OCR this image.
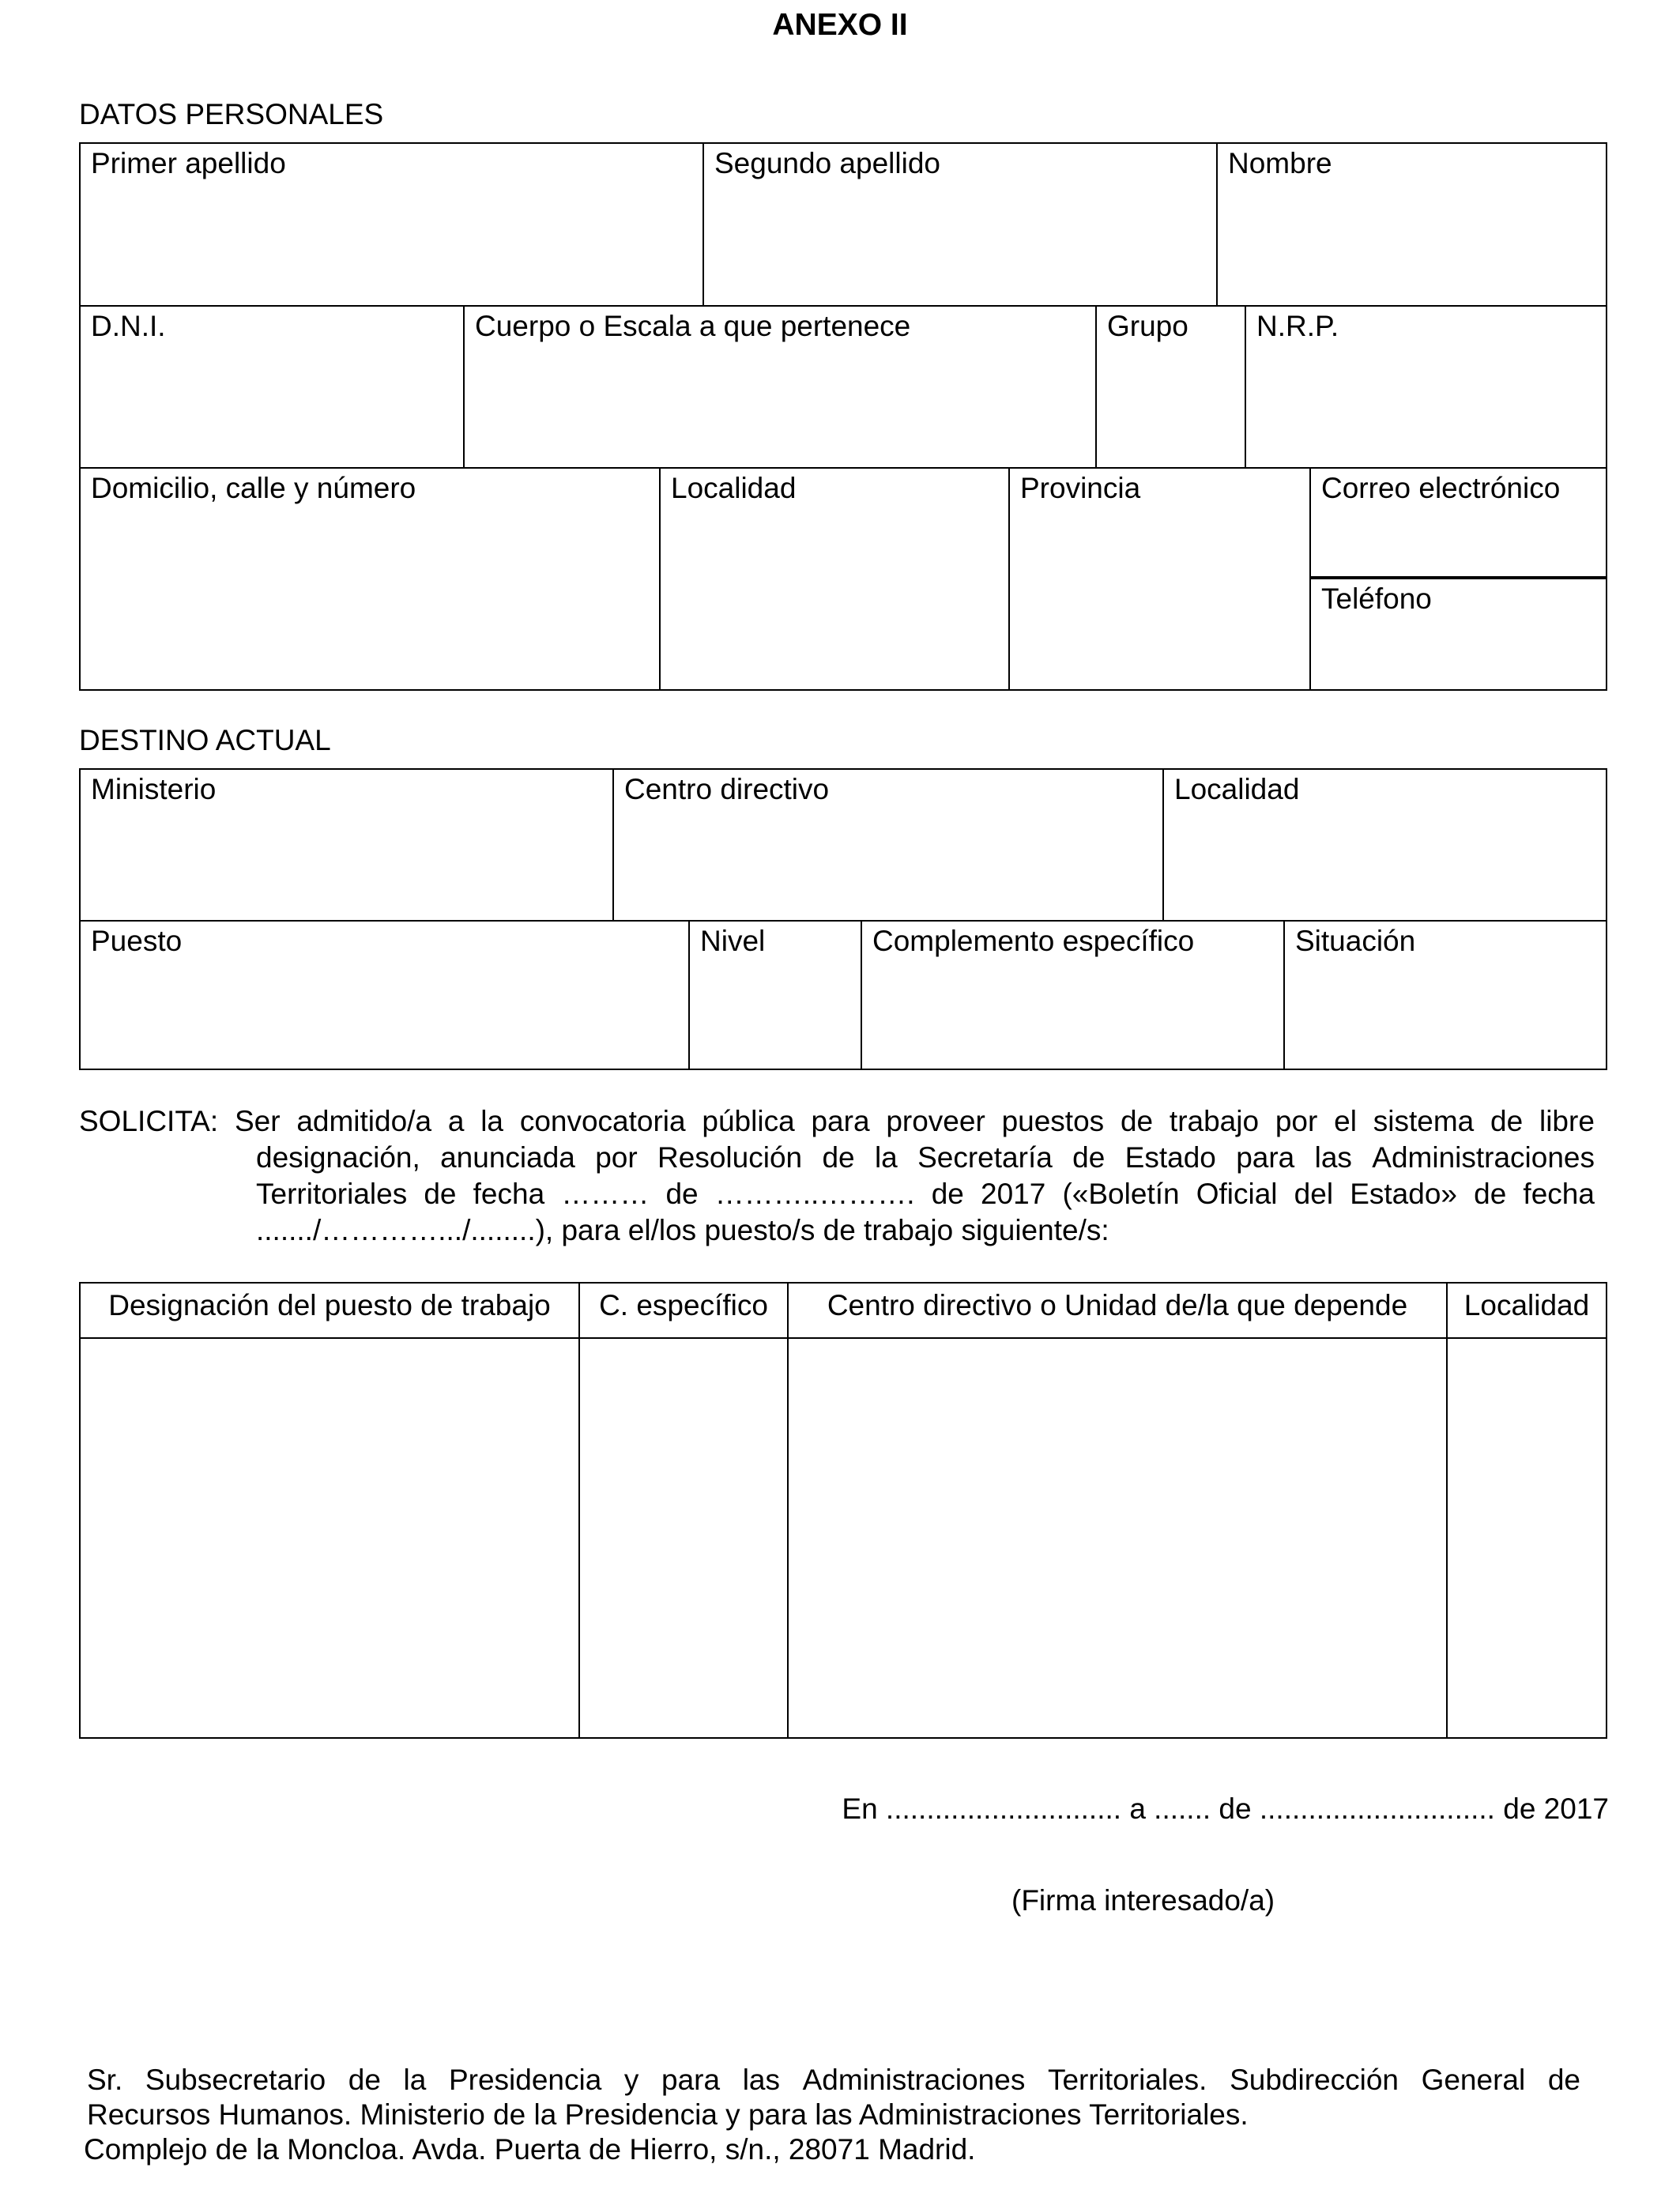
ANEXO II
DATOS PERSONALES
Primer apellido	Segundo apellido	Nombre
D.N.I.	Cuerpo o Escala a que pertenece	Grupo	N.R.P.
Domicilio, calle y número	Localidad	Provincia	Correo electrónico
Teléfono
DESTINO ACTUAL
Ministerio	Centro directivo	Localidad
Puesto	Nivel	Complemento específico	Situación
SOLICITA: Ser admitido/a a la convocatoria pública para proveer puestos de trabajo por el sistema de libre
designación, anunciada por Resolución de la Secretaría de Estado para las Administraciones
Territoriales de fecha ……… de ………..………. de 2017 («Boletín Oficial del Estado» de fecha
......./………….../........), para el/los puesto/s de trabajo siguiente/s:
Designación del puesto de trabajo	C. específico	Centro directivo o Unidad de/la que depende	Localidad
En ............................. a ....... de ............................. de 2017
(Firma interesado/a)
Sr. Subsecretario de la Presidencia y para las Administraciones Territoriales. Subdirección General de
Recursos Humanos. Ministerio de la Presidencia y para las Administraciones Territoriales.
Complejo de la Moncloa. Avda. Puerta de Hierro, s/n., 28071 Madrid.
